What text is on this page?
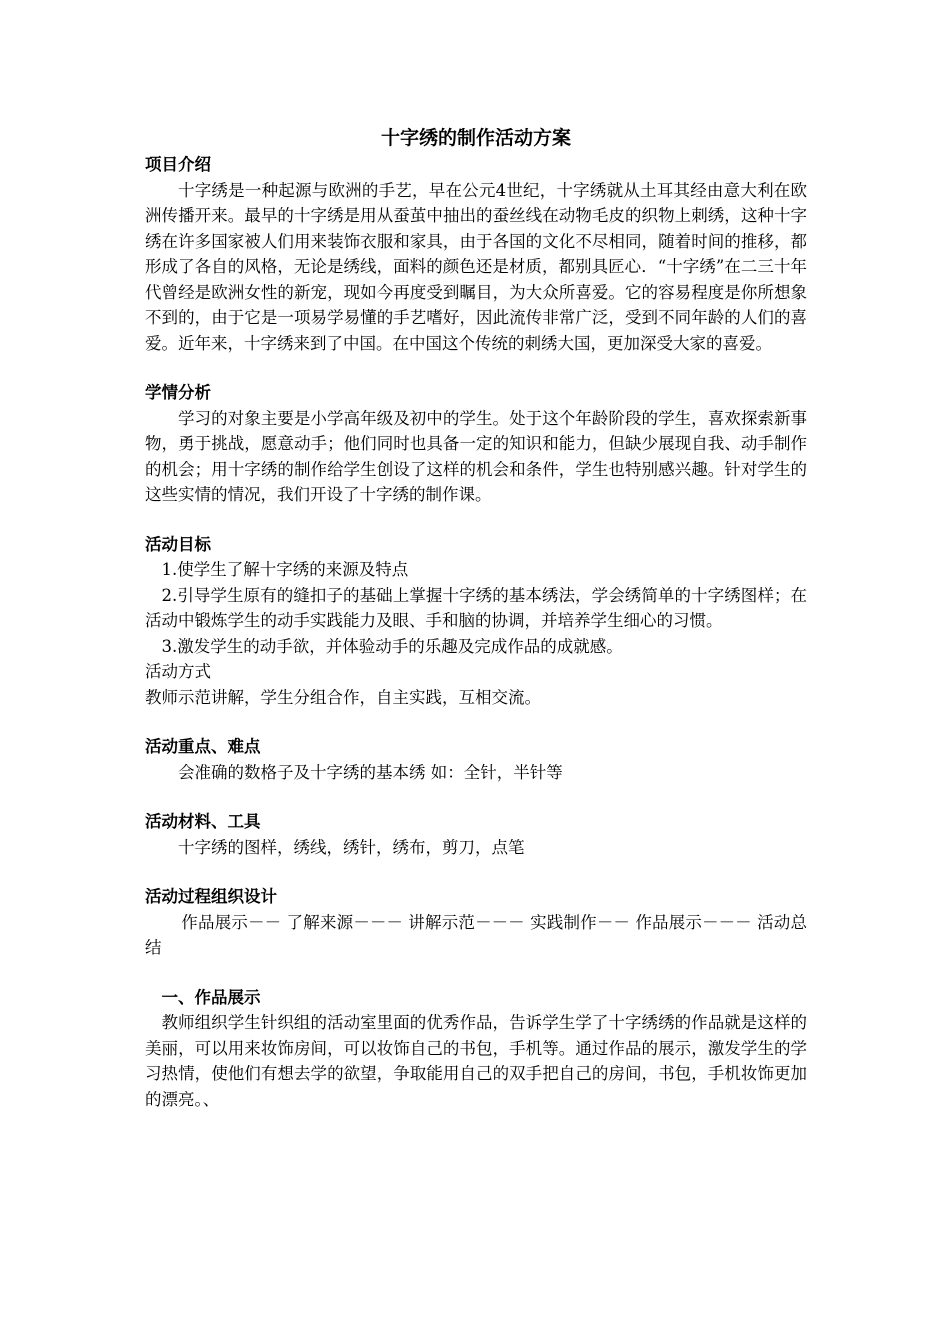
十字绣的制作活动方案
项目介绍

十字绣是一种起源与欧洲的手艺，早在公元4世纪，十字绣就从土耳其经由意大利在欧洲传播开来。最早的十字绣是用从蚕茧中抽出的蚕丝线在动物毛皮的织物上刺绣，这种十字绣在许多国家被人们用来装饰衣服和家具，由于各国的文化不尽相同，随着时间的推移，都形成了各自的风格，无论是绣线，面料的颜色还是材质，都别具匠心．“十字绣”在二三十年代曾经是欧洲女性的新宠，现如今再度受到瞩目，为大众所喜爱。它的容易程度是你所想象不到的，由于它是一项易学易懂的手艺嗜好，因此流传非常广泛，受到不同年龄的人们的喜爱。近年来，十字绣来到了中国。在中国这个传统的刺绣大国，更加深受大家的喜爱。

学情分析

学习的对象主要是小学高年级及初中的学生。处于这个年龄阶段的学生，喜欢探索新事物，勇于挑战，愿意动手；他们同时也具备一定的知识和能力，但缺少展现自我、动手制作的机会；用十字绣的制作给学生创设了这样的机会和条件，学生也特别感兴趣。针对学生的这些实情的情况，我们开设了十字绣的制作课。

活动目标

1.使学生了解十字绣的来源及特点

2.引导学生原有的缝扣子的基础上掌握十字绣的基本绣法，学会绣简单的十字绣图样；在活动中锻炼学生的动手实践能力及眼、手和脑的协调，并培养学生细心的习惯。

3.激发学生的动手欲，并体验动手的乐趣及完成作品的成就感。

活动方式

教师示范讲解，学生分组合作，自主实践，互相交流。

活动重点、难点

会准确的数格子及十字绣的基本绣 如：全针，半针等

活动材料、工具

十字绣的图样，绣线，绣针，绣布，剪刀，点笔

活动过程组织设计

作品展示－－ 了解来源－－－ 讲解示范－－－ 实践制作－－ 作品展示－－－ 活动总结

一、作品展示

教师组织学生针织组的活动室里面的优秀作品，告诉学生学了十字绣绣的作品就是这样的美丽，可以用来妆饰房间，可以妆饰自己的书包，手机等。通过作品的展示，激发学生的学习热情，使他们有想去学的欲望，争取能用自己的双手把自己的房间，书包，手机妆饰更加的漂亮。、
